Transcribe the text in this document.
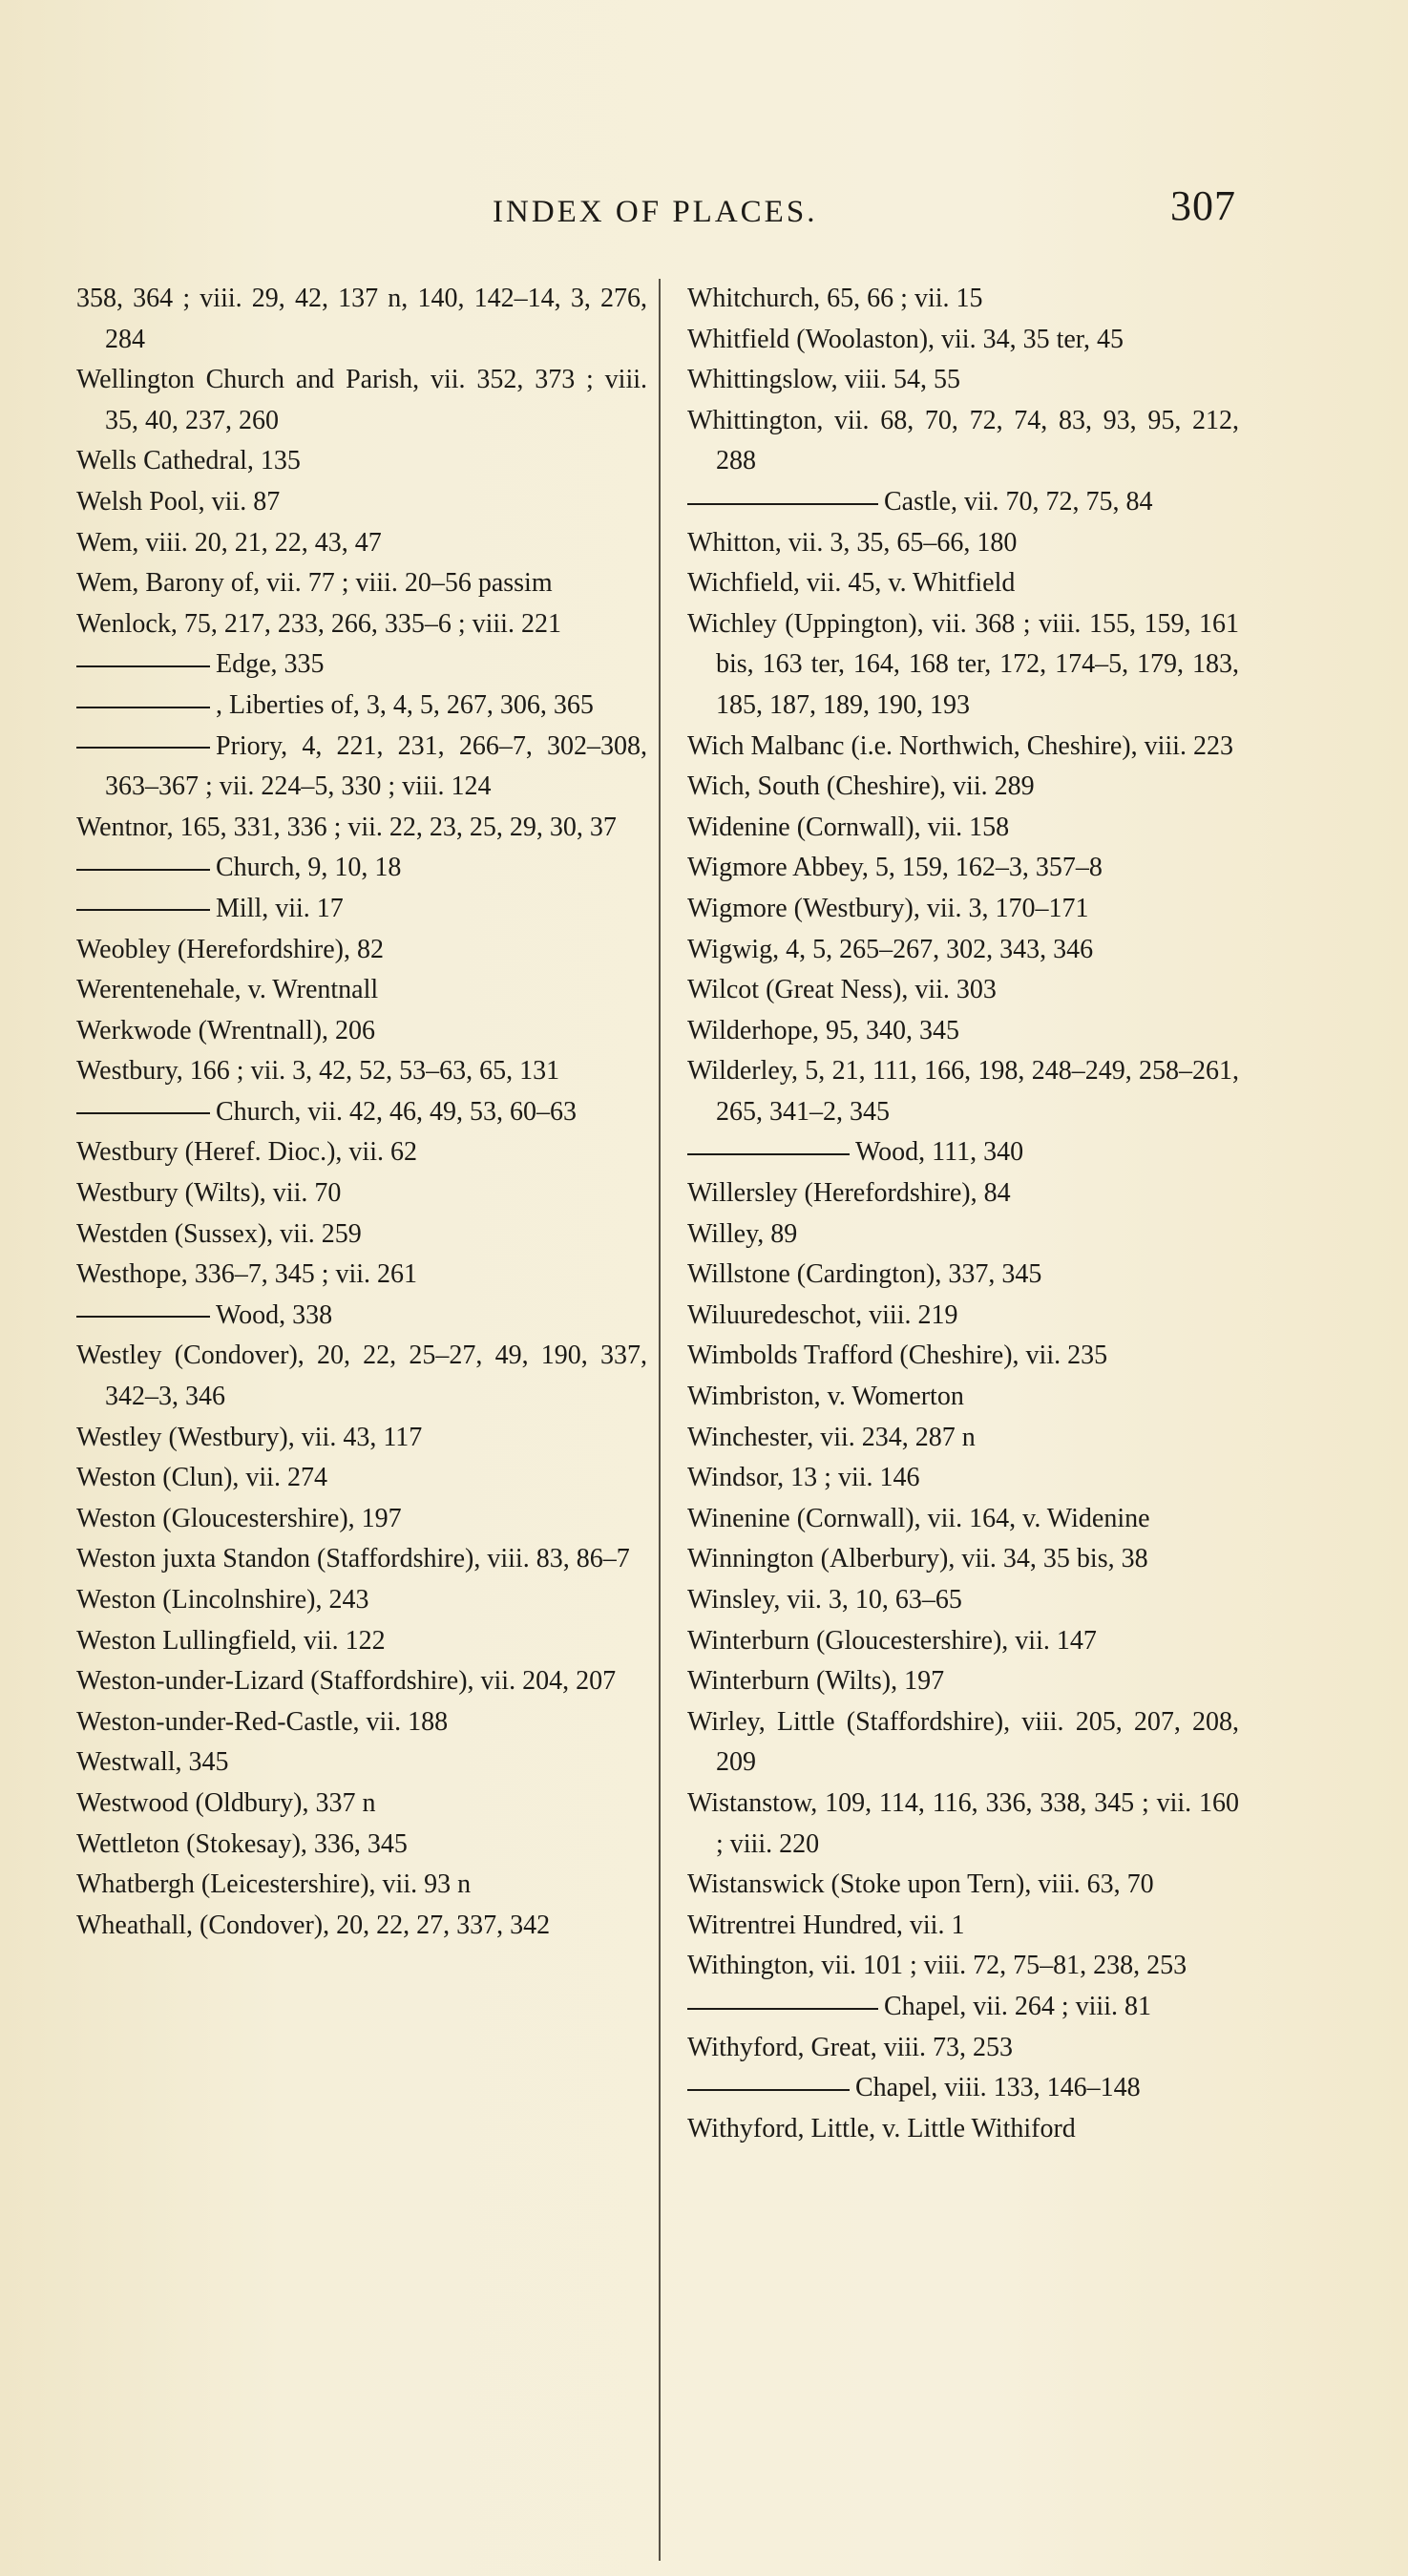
INDEX OF PLACES.	307
358, 364 ; viii. 29, 42, 137 n, 140, 142–14, 3, 276, 284
Wellington Church and Parish, vii. 352, 373 ; viii. 35, 40, 237, 260
Wells Cathedral, 135
Welsh Pool, vii. 87
Wem, viii. 20, 21, 22, 43, 47
Wem, Barony of, vii. 77 ; viii. 20–56 passim
Wenlock, 75, 217, 233, 266, 335–6 ; viii. 221
Edge, 335
, Liberties of, 3, 4, 5, 267, 306, 365
Priory, 4, 221, 231, 266–7, 302–308, 363–367 ; vii. 224–5, 330 ; viii. 124
Wentnor, 165, 331, 336 ; vii. 22, 23, 25, 29, 30, 37
Church, 9, 10, 18
Mill, vii. 17
Weobley (Herefordshire), 82
Werentenehale, v. Wrentnall
Werkwode (Wrentnall), 206
Westbury, 166 ; vii. 3, 42, 52, 53–63, 65, 131
Church, vii. 42, 46, 49, 53, 60–63
Westbury (Heref. Dioc.), vii. 62
Westbury (Wilts), vii. 70
Westden (Sussex), vii. 259
Westhope, 336–7, 345 ; vii. 261
Wood, 338
Westley (Condover), 20, 22, 25–27, 49, 190, 337, 342–3, 346
Westley (Westbury), vii. 43, 117
Weston (Clun), vii. 274
Weston (Gloucestershire), 197
Weston juxta Standon (Staffordshire), viii. 83, 86–7
Weston (Lincolnshire), 243
Weston Lullingfield, vii. 122
Weston-under-Lizard (Staffordshire), vii. 204, 207
Weston-under-Red-Castle, vii. 188
Westwall, 345
Westwood (Oldbury), 337 n
Wettleton (Stokesay), 336, 345
Whatbergh (Leicestershire), vii. 93 n
Wheathall, (Condover), 20, 22, 27, 337, 342
Whitchurch, 65, 66 ; vii. 15
Whitfield (Woolaston), vii. 34, 35 ter, 45
Whittingslow, viii. 54, 55
Whittington, vii. 68, 70, 72, 74, 83, 93, 95, 212, 288
Castle, vii. 70, 72, 75, 84
Whitton, vii. 3, 35, 65–66, 180
Wichfield, vii. 45, v. Whitfield
Wichley (Uppington), vii. 368 ; viii. 155, 159, 161 bis, 163 ter, 164, 168 ter, 172, 174–5, 179, 183, 185, 187, 189, 190, 193
Wich Malbanc (i.e. Northwich, Cheshire), viii. 223
Wich, South (Cheshire), vii. 289
Widenine (Cornwall), vii. 158
Wigmore Abbey, 5, 159, 162–3, 357–8
Wigmore (Westbury), vii. 3, 170–171
Wigwig, 4, 5, 265–267, 302, 343, 346
Wilcot (Great Ness), vii. 303
Wilderhope, 95, 340, 345
Wilderley, 5, 21, 111, 166, 198, 248–249, 258–261, 265, 341–2, 345
Wood, 111, 340
Willersley (Herefordshire), 84
Willey, 89
Willstone (Cardington), 337, 345
Wiluuredeschot, viii. 219
Wimbolds Trafford (Cheshire), vii. 235
Wimbriston, v. Womerton
Winchester, vii. 234, 287 n
Windsor, 13 ; vii. 146
Winenine (Cornwall), vii. 164, v. Widenine
Winnington (Alberbury), vii. 34, 35 bis, 38
Winsley, vii. 3, 10, 63–65
Winterburn (Gloucestershire), vii. 147
Winterburn (Wilts), 197
Wirley, Little (Staffordshire), viii. 205, 207, 208, 209
Wistanstow, 109, 114, 116, 336, 338, 345 ; vii. 160 ; viii. 220
Wistanswick (Stoke upon Tern), viii. 63, 70
Witrentrei Hundred, vii. 1
Withington, vii. 101 ; viii. 72, 75–81, 238, 253
Chapel, vii. 264 ; viii. 81
Withyford, Great, viii. 73, 253
Chapel, viii. 133, 146–148
Withyford, Little, v. Little Withiford
